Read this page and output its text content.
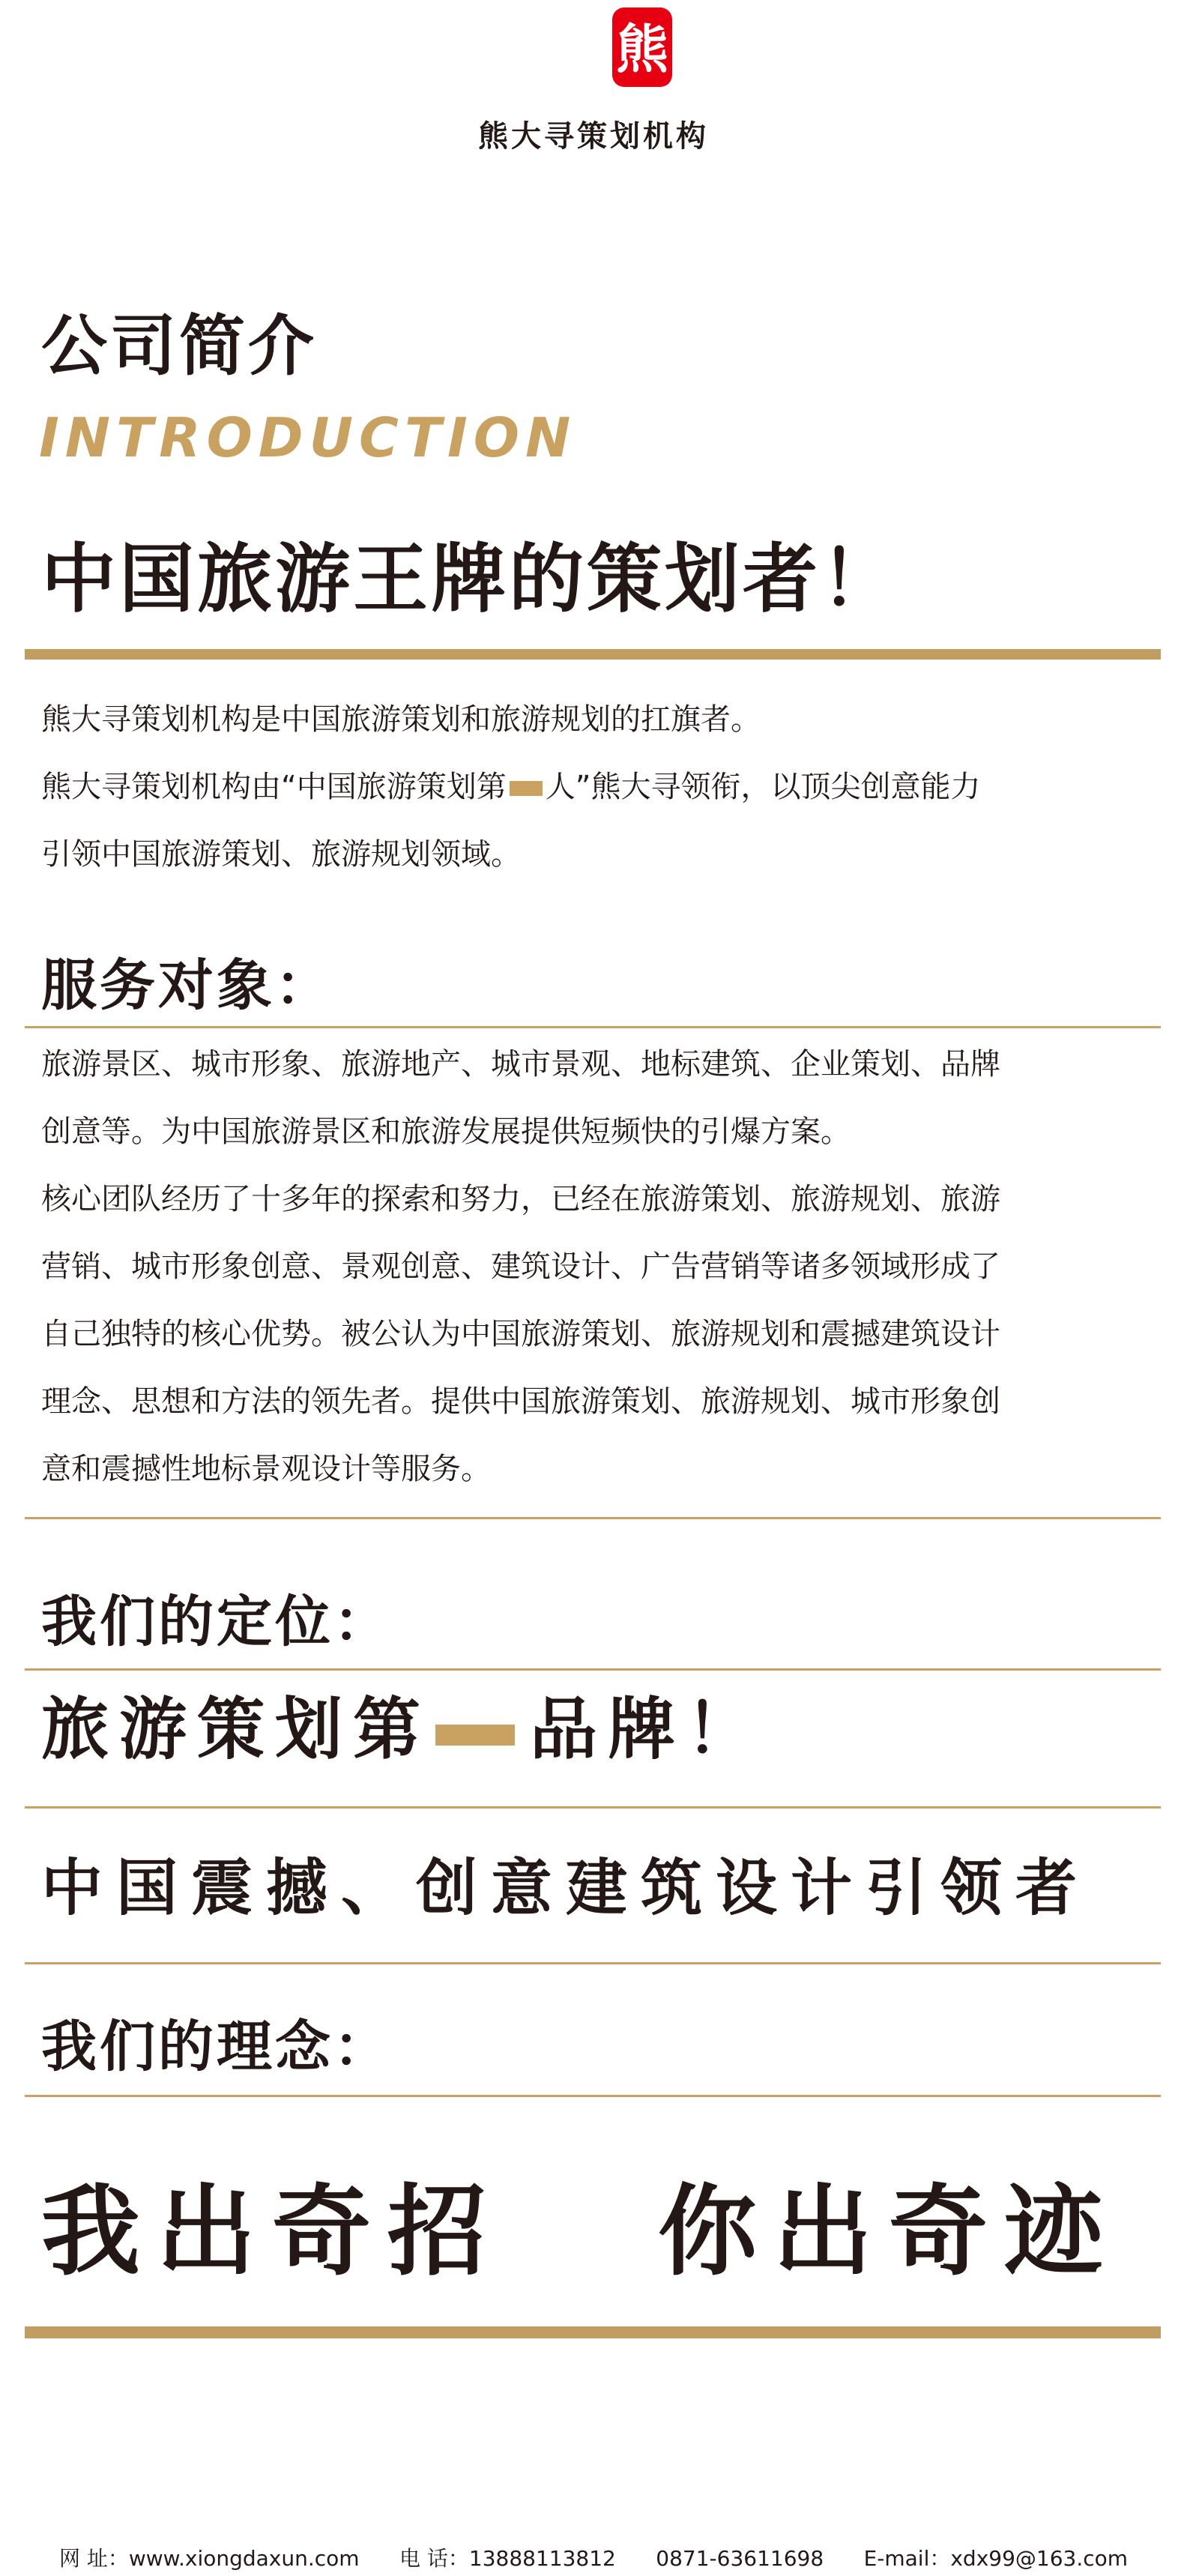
熊
熊大寻策划机构
公司简介
INTRODUCTION
中国旅游王牌的策划者！

熊大寻策划机构是中国旅游策划和旅游规划的扛旗者。

熊大寻策划机构由“中国旅游策划第 人”熊大寻领衔，以顶尖创意能力

引领中国旅游策划、旅游规划领域。

服务对象：

旅游景区、城市形象、旅游地产、城市景观、地标建筑、企业策划、品牌

创意等。为中国旅游景区和旅游发展提供短频快的引爆方案。

核心团队经历了十多年的探索和努力，已经在旅游策划、旅游规划、旅游

营销、城市形象创意、景观创意、建筑设计、广告营销等诸多领域形成了

自己独特的核心优势。被公认为中国旅游策划、旅游规划和震撼建筑设计

理念、思想和方法的领先者。提供中国旅游策划、旅游规划、城市形象创

意和震撼性地标景观设计等服务。

我们的定位：
旅游策划第 品牌！
中国震撼、创意建筑设计引领者
我们的理念：
我出奇招 你出奇迹
网 址：www.xiongdaxun.com 电 话：13888113812 0871-63611698 E-mail：xdx99@163.com
